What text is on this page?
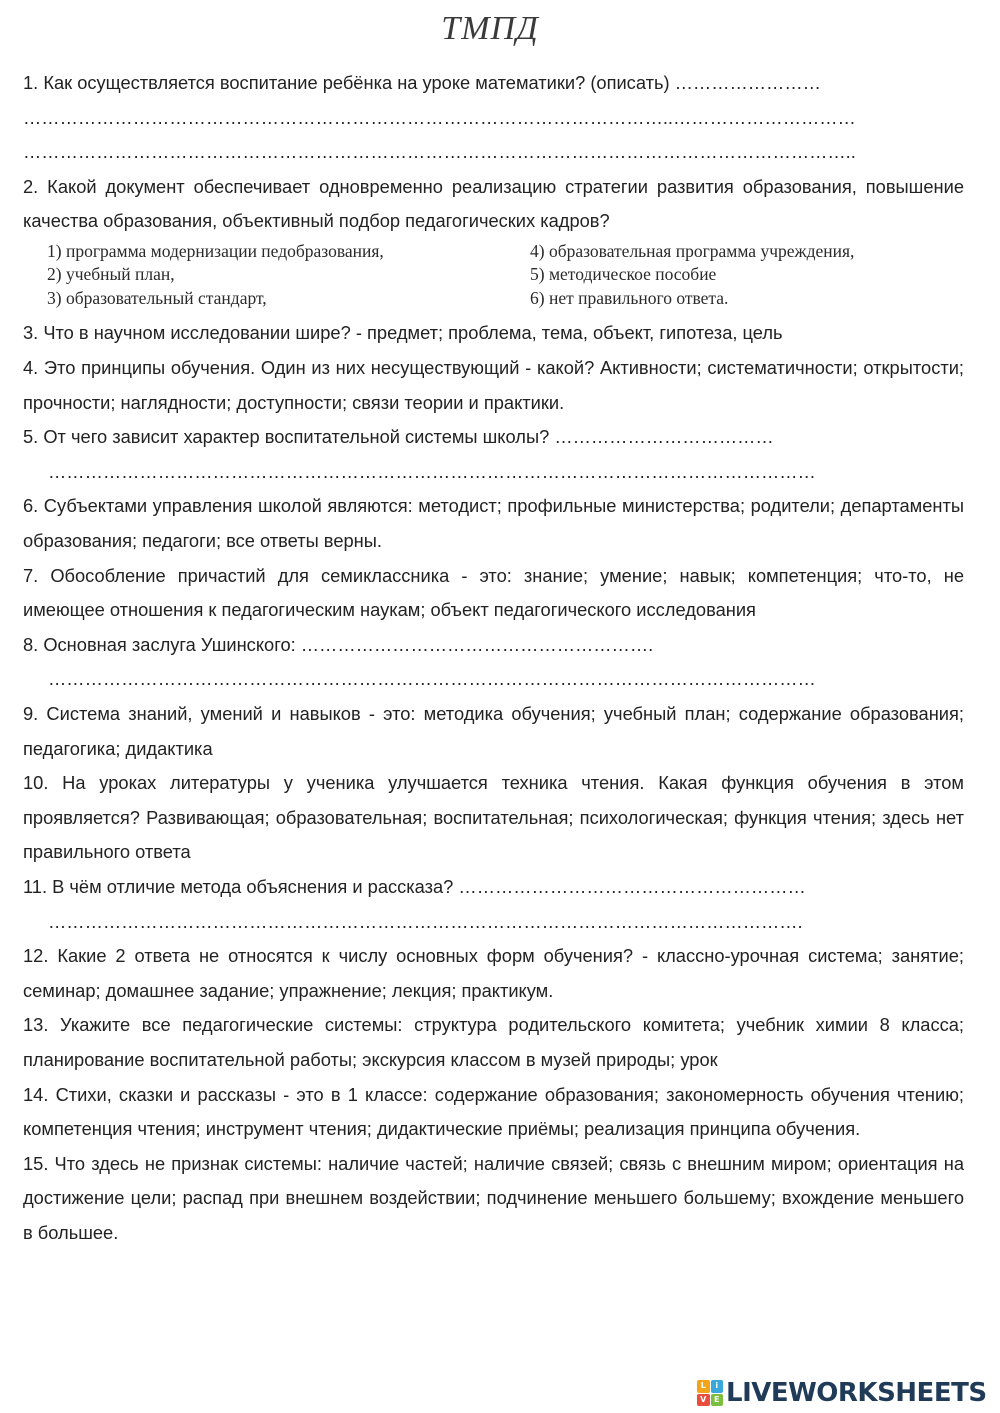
ТМПД

1. Как осуществляется воспитание ребёнка на уроке математики? (описать) ……………………

……………………………………………………………………………………………..…………………………

………………………………………………………………………………………………………………………..

2. Какой документ обеспечивает одновременно реализацию стратегии развития образования, повышение качества образования, объективный подбор педагогических кадров?

1) программа модернизации педобразования,
2) учебный план,
3) образовательный стандарт,
4) образовательная программа учреждения,
5) методическое пособие
6) нет правильного ответа.

3. Что в научном исследовании шире? - предмет; проблема, тема, объект, гипотеза, цель

4. Это принципы обучения. Один из них несуществующий - какой? Активности; систематичности; открытости; прочности; наглядности; доступности; связи теории и практики.

5. От чего зависит характер воспитательной системы школы? ………………………………

………………………………………………………………………………………………………………

6. Субъектами управления школой являются: методист; профильные министерства; родители; департаменты образования; педагоги; все ответы верны.

7. Обособление причастий для семиклассника - это: знание; умение; навык; компетенция; что-то, не имеющее отношения к педагогическим наукам; объект педагогического исследования

8. Основная заслуга Ушинского: ………………………………………………….

………………………………………………………………………………………………………………

9. Система знаний, умений и навыков - это: методика обучения; учебный план; содержание образования; педагогика; дидактика

10. На уроках литературы у ученика улучшается техника чтения. Какая функция обучения в этом проявляется? Развивающая; образовательная; воспитательная; психологическая; функция чтения; здесь нет правильного ответа

11. В чём отличие метода объяснения и рассказа? …………………………………………………

…………………………………………………………………………………………………………….

12. Какие 2 ответа не относятся к числу основных форм обучения? - классно-урочная система; занятие; семинар; домашнее задание; упражнение; лекция; практикум.

13. Укажите все педагогические системы: структура родительского комитета; учебник химии 8 класса; планирование воспитательной работы; экскурсия классом в музей природы; урок

14. Стихи, сказки и рассказы - это в 1 классе: содержание образования; закономерность обучения чтению; компетенция чтения; инструмент чтения; дидактические приёмы; реализация принципа обучения.

15. Что здесь не признак системы: наличие частей; наличие связей; связь с внешним миром; ориентация на достижение цели; распад при внешнем воздействии; подчинение меньшего большему; вхождение меньшего в большее.

L	i
V E LIVEWORKSHEETS
